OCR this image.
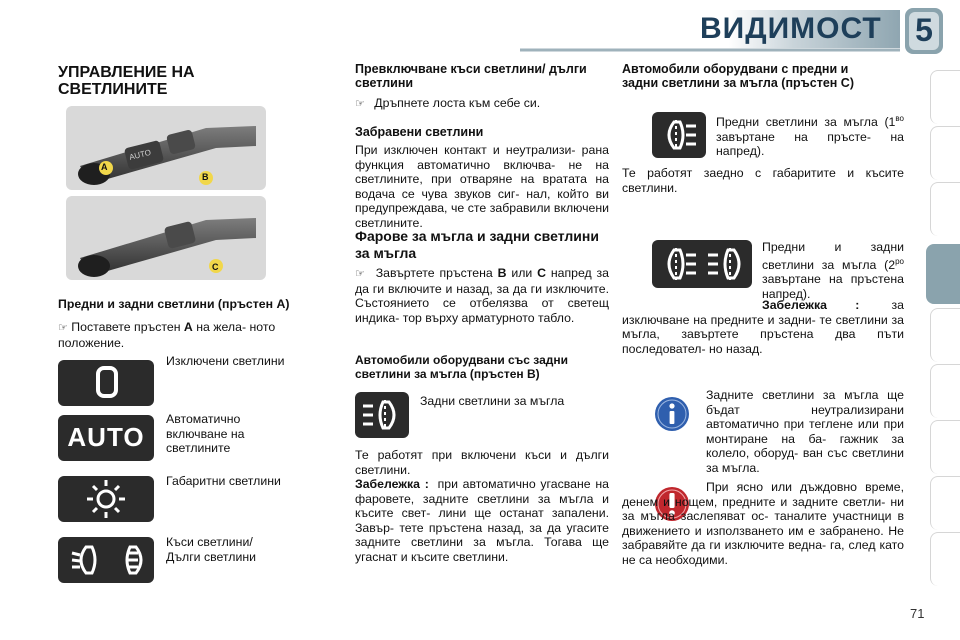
ВИДИМОСТ 5
УПРАВЛЕНИЕ НА СВЕТЛИНИТЕ
AUTO
A
B
C
Предни и задни светлини (пръстен A)
☞ Поставете пръстен A на жела- ното положение.
Изключени светлини
AUTO
Автоматично включване на светлините
Габаритни светлини
Къси светлини/ Дълги светлини
Превключване къси светлини/ дълги светлини
☞ Дръпнете лоста към себе си.
Забравени светлини
При изключен контакт и неутрализи- рана функция автоматично включва- не на светлините, при отваряне на вратата на водача се чува звуков сиг- нал, който ви предупреждава, че сте забравили включени светлините.
Фарове за мъгла и задни светлини за мъгла
☞ Завъртете пръстена B или C напред за да ги включите и назад, за да ги изключите. Състоянието се отбелязва от светещ индика- тор върху арматурното табло.
Автомобили оборудвани със задни светлини за мъгла (пръстен B)
Задни светлини за мъгла
Те работят при включени къси и дълги светлини.
Забележка : при автоматично угасване на фаровете, задните светлини за мъгла и късите свет- лини ще останат запалени. Завър- тете пръстена назад, за да угасите задните светлини за мъгла. Тогава ще угаснат и късите светлини.
Автомобили оборудвани с предни и задни светлини за мъгла (пръстен C)
Предни светлини за мъгла ($1^{во}$ завъртане на пръсте- на напред).
Те работят заедно с габаритите и късите светлини.
Предни и задни светлини за мъгла ($2^{ро}$ завъртане на пръстена напред).
Забележка :	за изключване на предните и задни- те светлини за мъгла, завъртете пръстена два пъти последовател- но назад.
Задните светлини за мъгла ще бъдат неутрализирани автоматично при теглене или при монтиране на ба- гажник за колело, оборуд- ван със светлини за мъгла.
При ясно или дъждовно време, денем и нощем, предните и задните светли- ни за мъгла заслепяват ос- таналите участници в движението и използването им е забранено. Не забравяйте да ги изключите ведна- га, след като не са необходими.
71
